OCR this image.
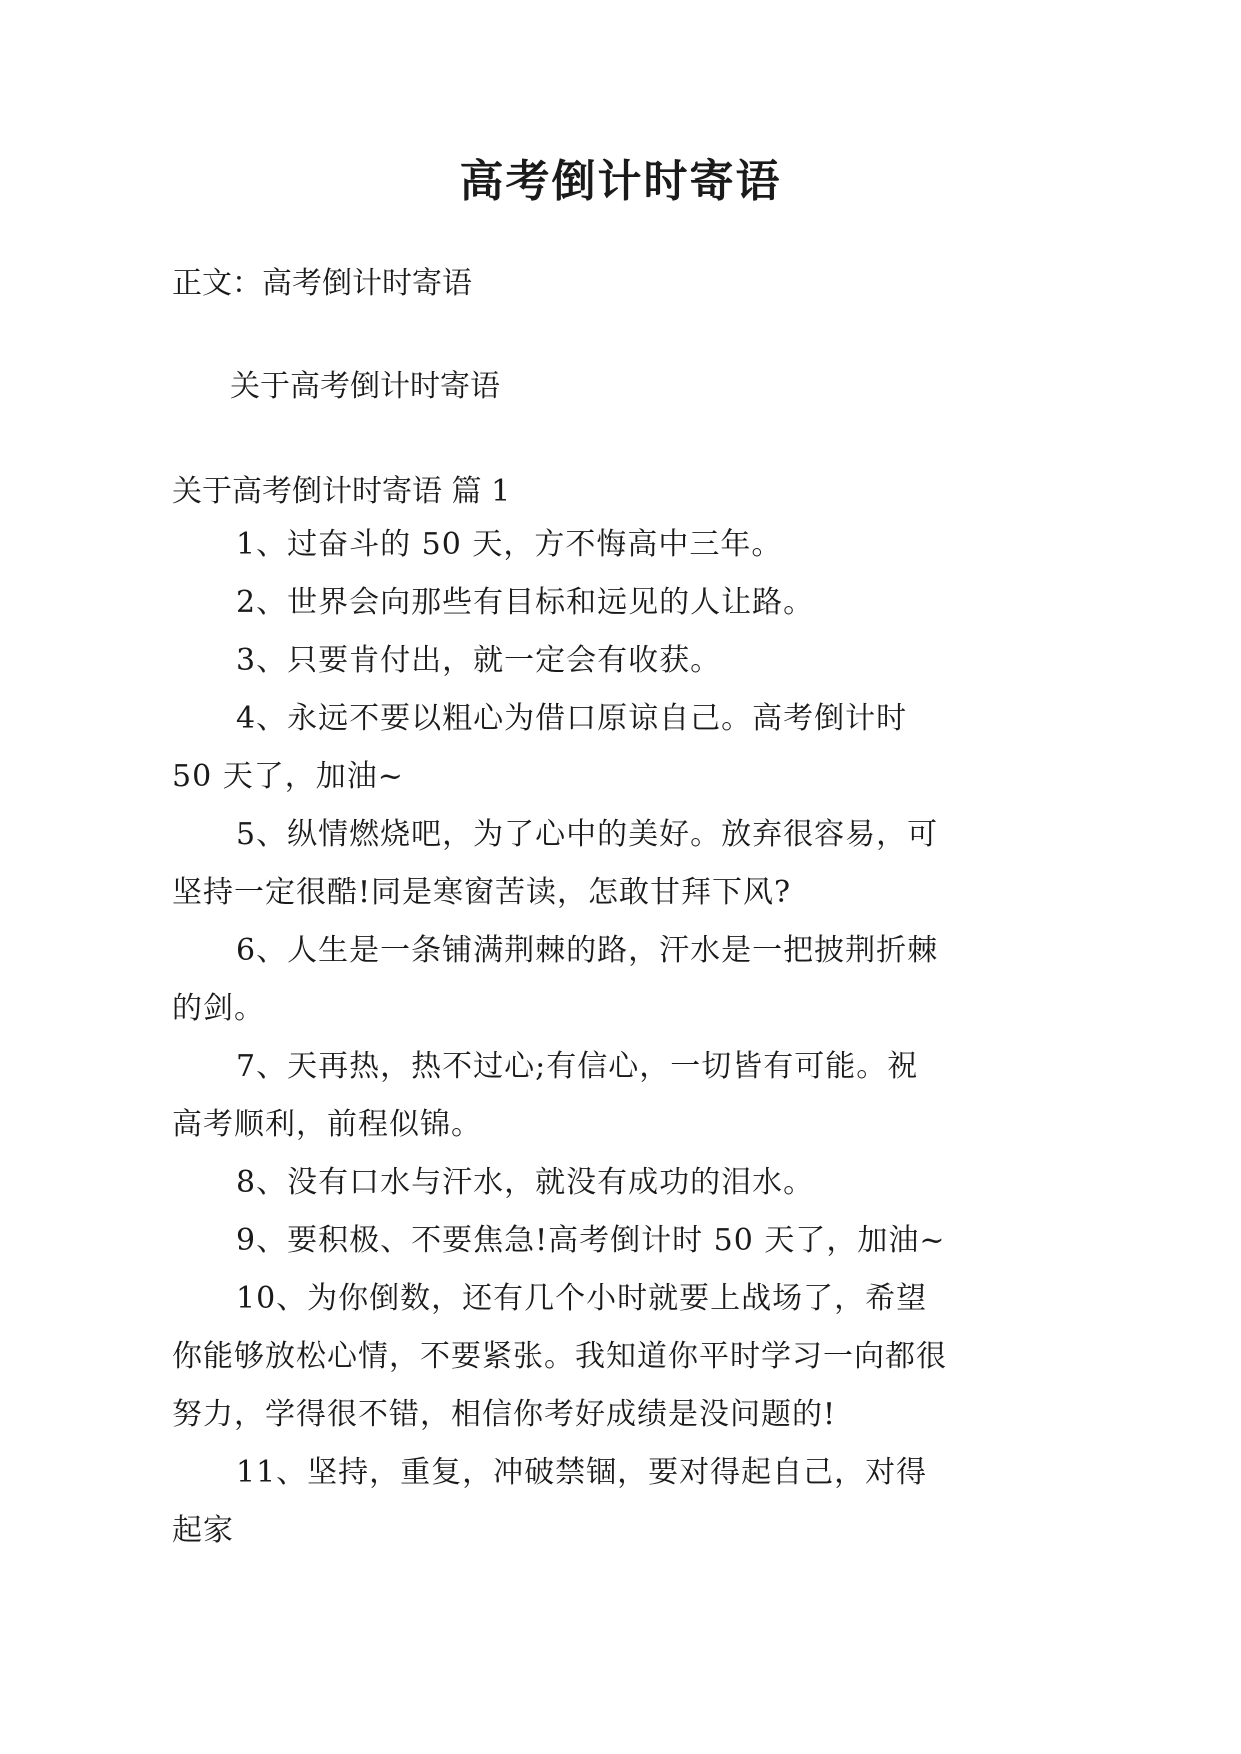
高考倒计时寄语

正文：高考倒计时寄语

关于高考倒计时寄语

关于高考倒计时寄语 篇 1

1、过奋斗的 50 天，方不悔高中三年。

2、世界会向那些有目标和远见的人让路。

3、只要肯付出，就一定会有收获。

4、永远不要以粗心为借口原谅自己。高考倒计时 50 天了，加油~

5、纵情燃烧吧，为了心中的美好。放弃很容易，可坚持一定很酷!同是寒窗苦读，怎敢甘拜下风?

6、人生是一条铺满荆棘的路，汗水是一把披荆折棘的剑。

7、天再热，热不过心;有信心，一切皆有可能。祝高考顺利，前程似锦。

8、没有口水与汗水，就没有成功的泪水。

9、要积极、不要焦急!高考倒计时 50 天了，加油~

10、为你倒数，还有几个小时就要上战场了，希望你能够放松心情，不要紧张。我知道你平时学习一向都很努力，学得很不错，相信你考好成绩是没问题的!

11、坚持，重复，冲破禁锢，要对得起自己，对得起家
